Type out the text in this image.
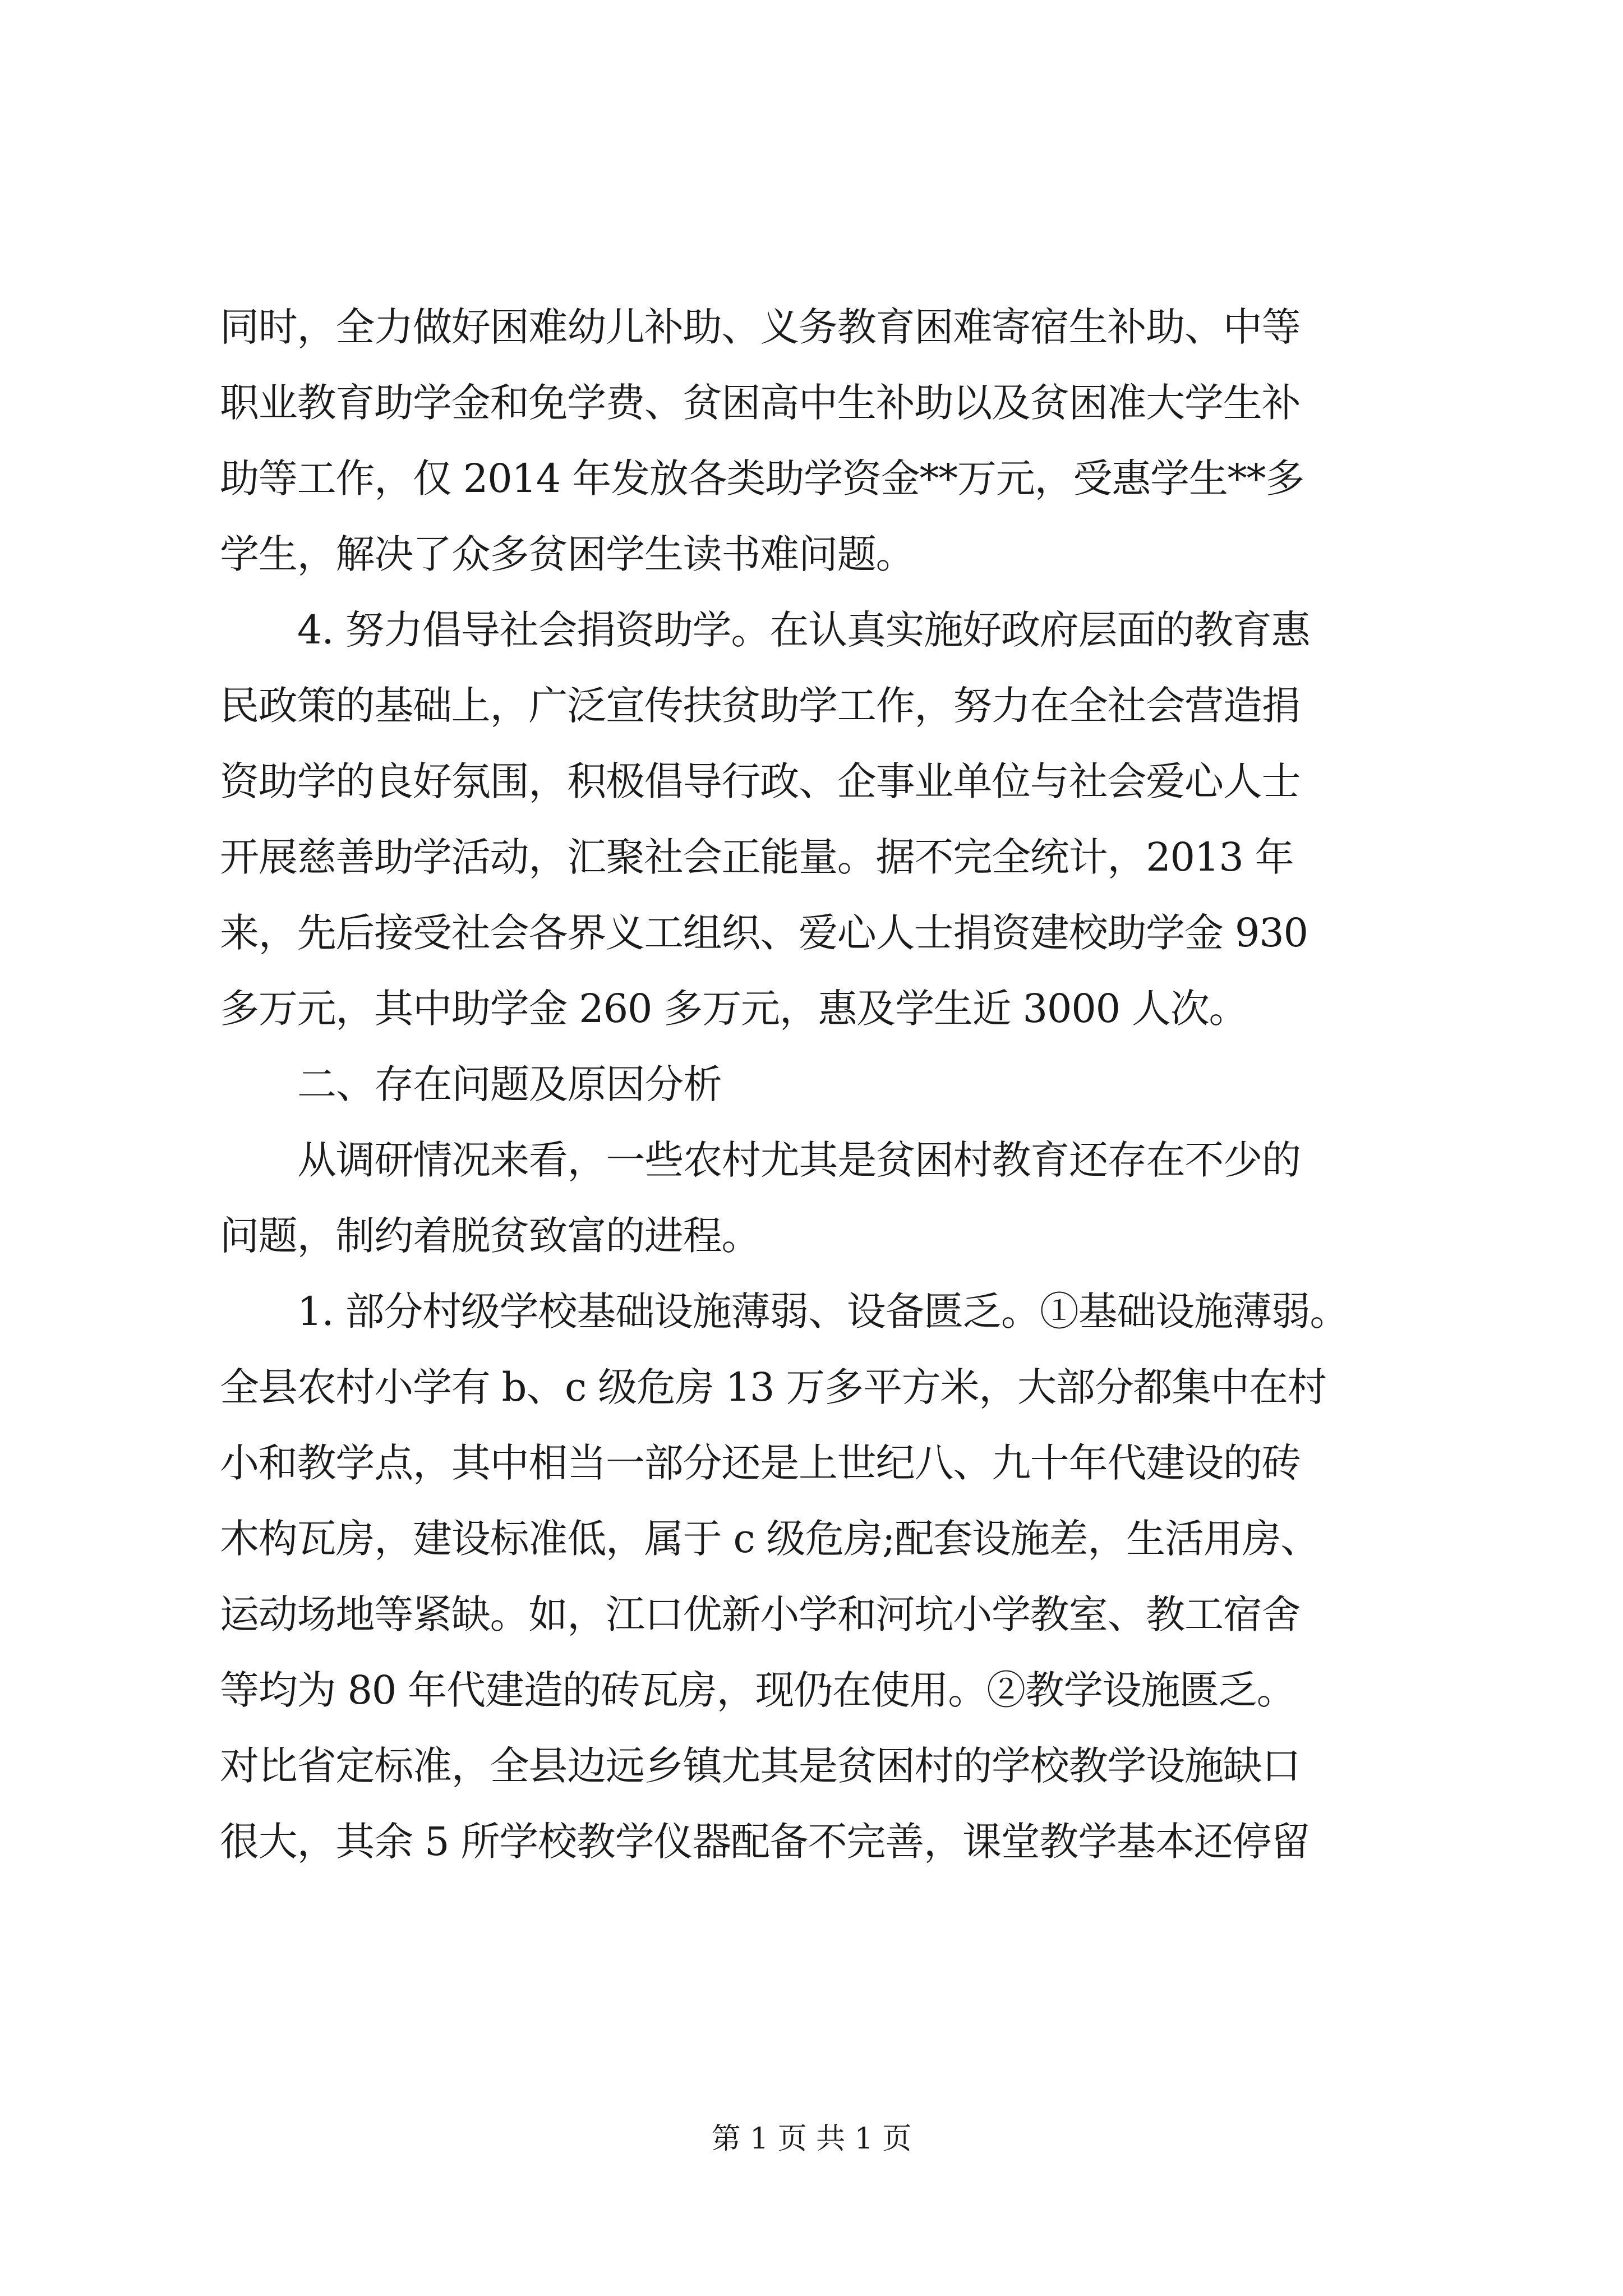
同时，全力做好困难幼儿补助、义务教育困难寄宿生补助、中等
职业教育助学金和免学费、贫困高中生补助以及贫困准大学生补
助等工作，仅 2014 年发放各类助学资金**万元，受惠学生**多
学生，解决了众多贫困学生读书难问题。
4. 努力倡导社会捐资助学。在认真实施好政府层面的教育惠
民政策的基础上，广泛宣传扶贫助学工作，努力在全社会营造捐
资助学的良好氛围，积极倡导行政、企事业单位与社会爱心人士
开展慈善助学活动，汇聚社会正能量。据不完全统计，2013 年
来，先后接受社会各界义工组织、爱心人士捐资建校助学金 930
多万元，其中助学金 260 多万元，惠及学生近 3000 人次。
二、存在问题及原因分析
从调研情况来看，一些农村尤其是贫困村教育还存在不少的
问题，制约着脱贫致富的进程。
1. 部分村级学校基础设施薄弱、设备匮乏。①基础设施薄弱。
全县农村小学有 b、c 级危房 13 万多平方米，大部分都集中在村
小和教学点，其中相当一部分还是上世纪八、九十年代建设的砖
木构瓦房，建设标准低，属于 c 级危房;配套设施差，生活用房、
运动场地等紧缺。如，江口优新小学和河坑小学教室、教工宿舍
等均为 80 年代建造的砖瓦房，现仍在使用。②教学设施匮乏。
对比省定标准，全县边远乡镇尤其是贫困村的学校教学设施缺口
很大，其余 5 所学校教学仪器配备不完善，课堂教学基本还停留
第 1 页 共 1 页
